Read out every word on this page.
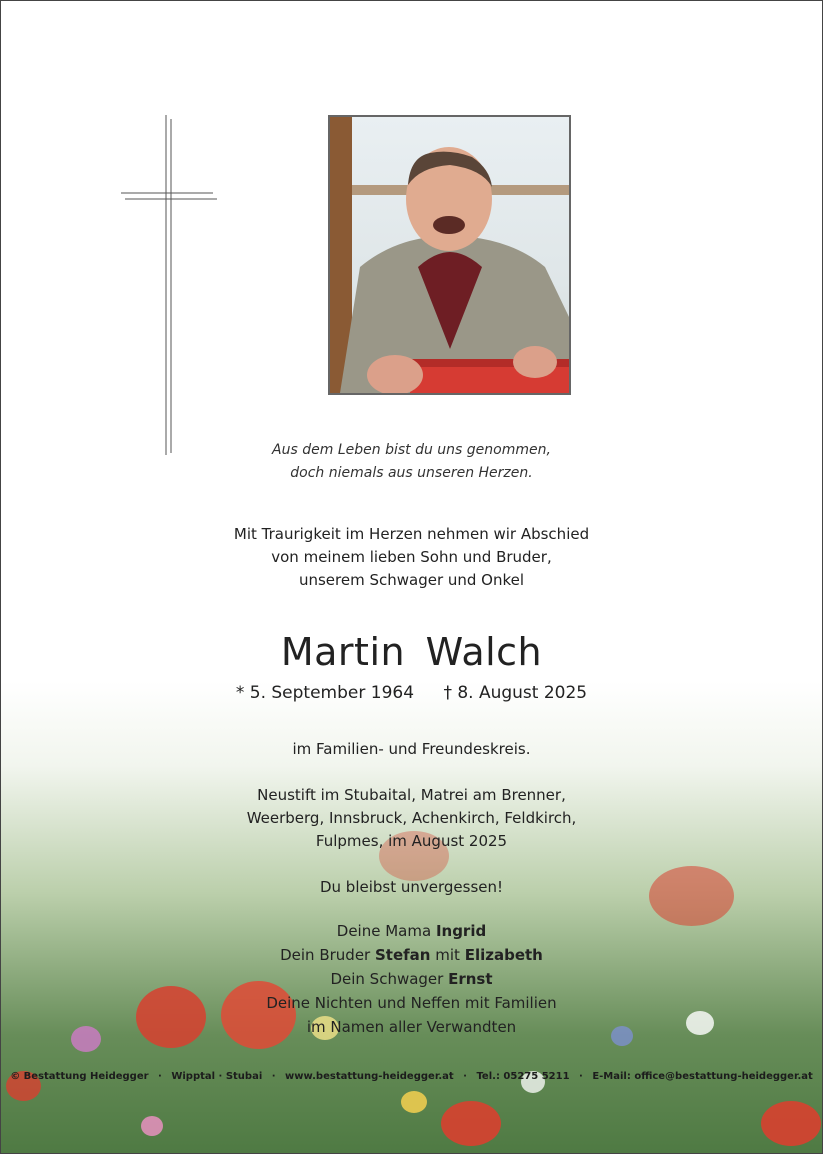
Aus dem Leben bist du uns genommen,
doch niemals aus unseren Herzen.
Mit Traurigkeit im Herzen nehmen wir Abschied
von meinem lieben Sohn und Bruder,
unserem Schwager und Onkel
Martin Walch
* 5. September 1964 † 8. August 2025
im Familien- und Freundeskreis.
Neustift im Stubaital, Matrei am Brenner,
Weerberg, Innsbruck, Achenkirch, Feldkirch,
Fulpmes, im August 2025
Du bleibst unvergessen!
Deine Mama Ingrid
Dein Bruder Stefan mit Elizabeth
Dein Schwager Ernst
Deine Nichten und Neffen mit Familien
im Namen aller Verwandten
© Bestattung Heidegger · Wipptal · Stubai · www.bestattung-heidegger.at · Tel.: 05275 5211 · E-Mail: office@bestattung-heidegger.at
